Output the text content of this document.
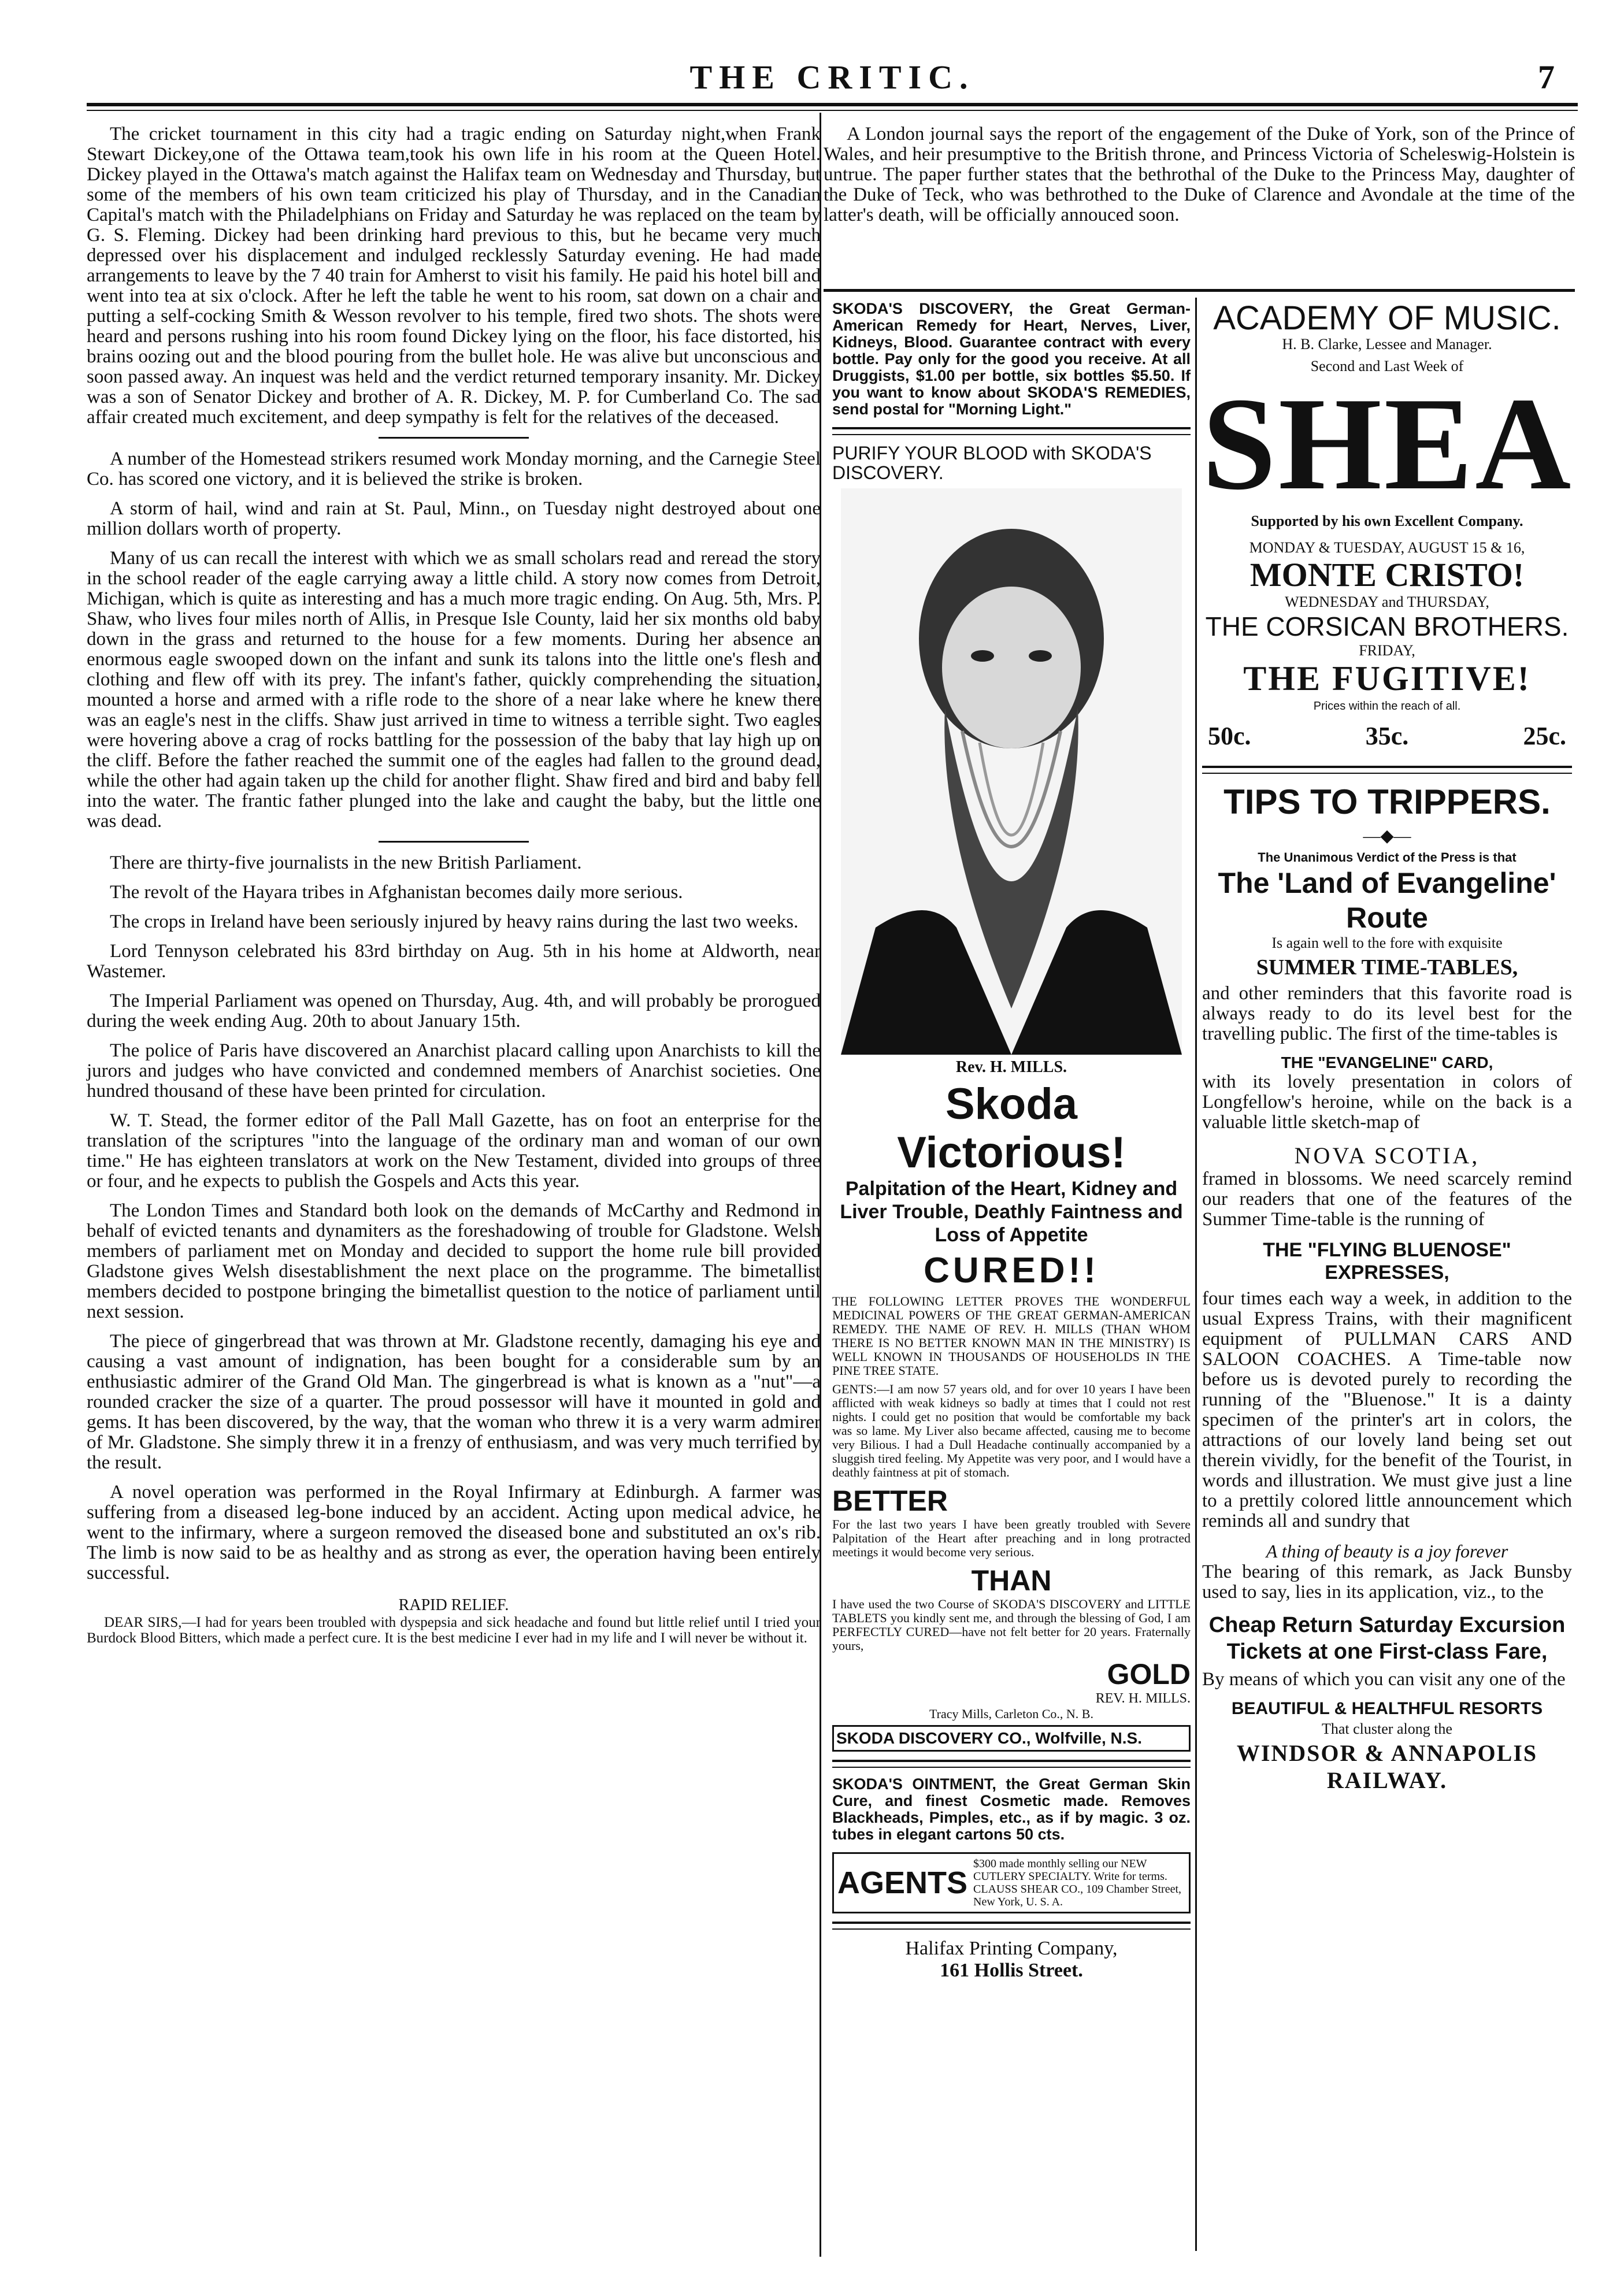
THE CRITIC.	7

The cricket tournament in this city had a tragic ending on Saturday night,when Frank Stewart Dickey,one of the Ottawa team,took his own life in his room at the Queen Hotel. Dickey played in the Ottawa's match against the Halifax team on Wednesday and Thursday, but some of the members of his own team criticized his play of Thursday, and in the Canadian Capital's match with the Philadelphians on Friday and Saturday he was replaced on the team by G. S. Fleming. Dickey had been drinking hard previous to this, but he became very much depressed over his displacement and indulged recklessly Saturday evening. He had made arrangements to leave by the 7 40 train for Amherst to visit his family. He paid his hotel bill and went into tea at six o'clock. After he left the table he went to his room, sat down on a chair and putting a self-cocking Smith & Wesson revolver to his temple, fired two shots. The shots were heard and persons rushing into his room found Dickey lying on the floor, his face distorted, his brains oozing out and the blood pouring from the bullet hole. He was alive but unconscious and soon passed away. An inquest was held and the verdict returned temporary insanity. Mr. Dickey was a son of Senator Dickey and brother of A. R. Dickey, M. P. for Cumberland Co. The sad affair created much excitement, and deep sympathy is felt for the relatives of the deceased.

A number of the Homestead strikers resumed work Monday morning, and the Carnegie Steel Co. has scored one victory, and it is believed the strike is broken.

A storm of hail, wind and rain at St. Paul, Minn., on Tuesday night destroyed about one million dollars worth of property.

Many of us can recall the interest with which we as small scholars read and reread the story in the school reader of the eagle carrying away a little child. A story now comes from Detroit, Michigan, which is quite as interesting and has a much more tragic ending. On Aug. 5th, Mrs. P. Shaw, who lives four miles north of Allis, in Presque Isle County, laid her six months old baby down in the grass and returned to the house for a few moments. During her absence an enormous eagle swooped down on the infant and sunk its talons into the little one's flesh and clothing and flew off with its prey. The infant's father, quickly comprehending the situation, mounted a horse and armed with a rifle rode to the shore of a near lake where he knew there was an eagle's nest in the cliffs. Shaw just arrived in time to witness a terrible sight. Two eagles were hovering above a crag of rocks battling for the possession of the baby that lay high up on the cliff. Before the father reached the summit one of the eagles had fallen to the ground dead, while the other had again taken up the child for another flight. Shaw fired and bird and baby fell into the water. The frantic father plunged into the lake and caught the baby, but the little one was dead.

There are thirty-five journalists in the new British Parliament.

The revolt of the Hayara tribes in Afghanistan becomes daily more serious.

The crops in Ireland have been seriously injured by heavy rains during the last two weeks.

Lord Tennyson celebrated his 83rd birthday on Aug. 5th in his home at Aldworth, near Wastemer.

The Imperial Parliament was opened on Thursday, Aug. 4th, and will probably be prorogued during the week ending Aug. 20th to about January 15th.

The police of Paris have discovered an Anarchist placard calling upon Anarchists to kill the jurors and judges who have convicted and condemned members of Anarchist societies. One hundred thousand of these have been printed for circulation.

W. T. Stead, the former editor of the Pall Mall Gazette, has on foot an enterprise for the translation of the scriptures "into the language of the ordinary man and woman of our own time." He has eighteen translators at work on the New Testament, divided into groups of three or four, and he expects to publish the Gospels and Acts this year.

The London Times and Standard both look on the demands of McCarthy and Redmond in behalf of evicted tenants and dynamiters as the foreshadowing of trouble for Gladstone. Welsh members of parliament met on Monday and decided to support the home rule bill provided Gladstone gives Welsh disestablishment the next place on the programme. The bimetallist members decided to postpone bringing the bimetallist question to the notice of parliament until next session.

The piece of gingerbread that was thrown at Mr. Gladstone recently, damaging his eye and causing a vast amount of indignation, has been bought for a considerable sum by an enthusiastic admirer of the Grand Old Man. The gingerbread is what is known as a "nut"—a rounded cracker the size of a quarter. The proud possessor will have it mounted in gold and gems. It has been discovered, by the way, that the woman who threw it is a very warm admirer of Mr. Gladstone. She simply threw it in a frenzy of enthusiasm, and was very much terrified by the result.

A novel operation was performed in the Royal Infirmary at Edinburgh. A farmer was suffering from a diseased leg-bone induced by an accident. Acting upon medical advice, he went to the infirmary, where a surgeon removed the diseased bone and substituted an ox's rib. The limb is now said to be as healthy and as strong as ever, the operation having been entirely successful.

RAPID RELIEF.

DEAR SIRS,—I had for years been troubled with dyspepsia and sick headache and found but little relief until I tried your Burdock Blood Bitters, which made a perfect cure. It is the best medicine I ever had in my life and I will never be without it.

A London journal says the report of the engagement of the Duke of York, son of the Prince of Wales, and heir presumptive to the British throne, and Princess Victoria of Scheleswig-Holstein is untrue. The paper further states that the bethrothal of the Duke to the Princess May, daughter of the Duke of Teck, who was bethrothed to the Duke of Clarence and Avondale at the time of the latter's death, will be officially annouced soon.

SKODA'S DISCOVERY, the Great German-American Remedy for Heart, Nerves, Liver, Kidneys, Blood. Guarantee contract with every bottle. Pay only for the good you receive. At all Druggists, $1.00 per bottle, six bottles $5.50. If you want to know about SKODA'S REMEDIES, send postal for "Morning Light."

PURIFY YOUR BLOOD with SKODA'S DISCOVERY.
Rev. H. MILLS.
Skoda Victorious!
Palpitation of the Heart, Kidney and Liver Trouble, Deathly Faintness and Loss of Appetite
CURED!!

THE FOLLOWING LETTER PROVES THE WONDERFUL MEDICINAL POWERS OF THE GREAT GERMAN-AMERICAN REMEDY. THE NAME OF REV. H. MILLS (THAN WHOM THERE IS NO BETTER KNOWN MAN IN THE MINISTRY) IS WELL KNOWN IN THOUSANDS OF HOUSEHOLDS IN THE PINE TREE STATE.

GENTS:—I am now 57 years old, and for over 10 years I have been afflicted with weak kidneys so badly at times that I could not rest nights. I could get no position that would be comfortable my back was so lame. My Liver also became affected, causing me to become very Bilious. I had a Dull Headache continually accompanied by a sluggish tired feeling. My Appetite was very poor, and I would have a deathly faintness at pit of stomach.

BETTER

For the last two years I have been greatly troubled with Severe Palpitation of the Heart after preaching and in long protracted meetings it would become very serious.

THAN

I have used the two Course of SKODA'S DISCOVERY and LITTLE TABLETS you kindly sent me, and through the blessing of God, I am PERFECTLY CURED—have not felt better for 20 years. Fraternally yours,

GOLD
REV. H. MILLS.
Tracy Mills, Carleton Co., N. B.
SKODA DISCOVERY CO., Wolfville, N.S.

SKODA'S OINTMENT, the Great German Skin Cure, and finest Cosmetic made. Removes Blackheads, Pimples, etc., as if by magic. 3 oz. tubes in elegant cartons 50 cts.

AGENTS
$300 made monthly selling our NEW CUTLERY SPECIALTY. Write for terms. CLAUSS SHEAR CO., 109 Chamber Street, New York, U. S. A.
Halifax Printing Company,
161 Hollis Street.
ACADEMY OF MUSIC.
H. B. Clarke, Lessee and Manager.
Second and Last Week of
SHEA
Supported by his own Excellent Company.
MONDAY & TUESDAY, AUGUST 15 & 16,
MONTE CRISTO!
WEDNESDAY and THURSDAY,
THE CORSICAN BROTHERS.
FRIDAY,
THE FUGITIVE!
Prices within the reach of all.
50c.	35c.	25c.
TIPS TO TRIPPERS.
—◆—
The Unanimous Verdict of the Press is that
The 'Land of Evangeline' Route
Is again well to the fore with exquisite
SUMMER TIME-TABLES,

and other reminders that this favorite road is always ready to do its level best for the travelling public. The first of the time-tables is

THE "EVANGELINE" CARD,

with its lovely presentation in colors of Longfellow's heroine, while on the back is a valuable little sketch-map of

NOVA SCOTIA,

framed in blossoms. We need scarcely remind our readers that one of the features of the Summer Time-table is the running of

THE "FLYING BLUENOSE" EXPRESSES,

four times each way a week, in addition to the usual Express Trains, with their magnificent equipment of PULLMAN CARS AND SALOON COACHES. A Time-table now before us is devoted purely to recording the running of the "Bluenose." It is a dainty specimen of the printer's art in colors, the attractions of our lovely land being set out therein vividly, for the benefit of the Tourist, in words and illustration. We must give just a line to a prettily colored little announcement which reminds all and sundry that

A thing of beauty is a joy forever

The bearing of this remark, as Jack Bunsby used to say, lies in its application, viz., to the

Cheap Return Saturday Excursion Tickets at one First-class Fare,

By means of which you can visit any one of the

BEAUTIFUL & HEALTHFUL RESORTS
That cluster along the
WINDSOR & ANNAPOLIS RAILWAY.
